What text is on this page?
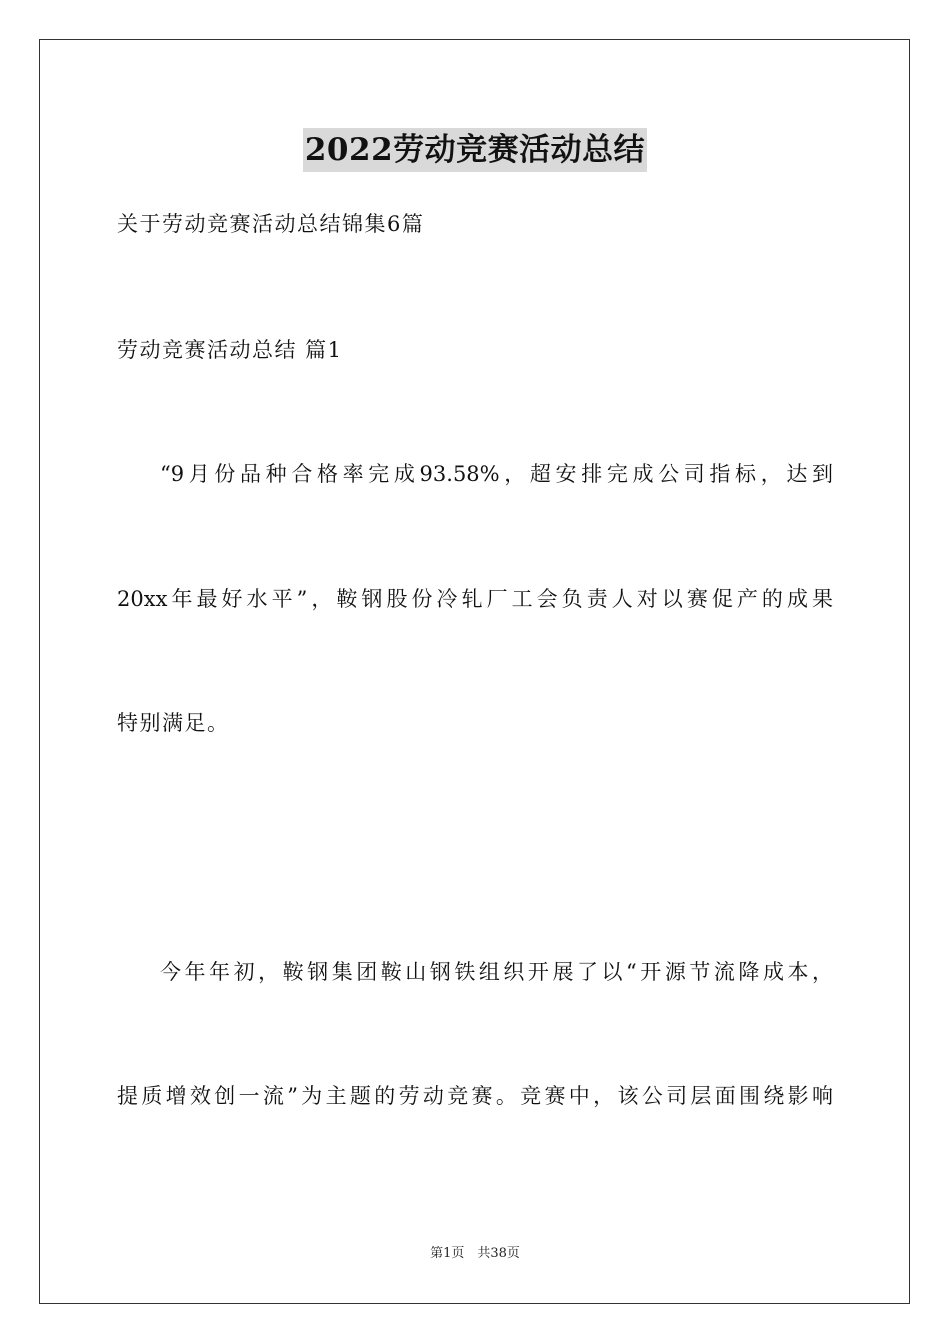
2022劳动竞赛活动总结
关于劳动竞赛活动总结锦集6篇
劳动竞赛活动总结 篇1
“9月份品种合格率完成93.58%，超安排完成公司指标，达到
20xx年最好水平”，鞍钢股份冷轧厂工会负责人对以赛促产的成果
特别满足。
今年年初，鞍钢集团鞍山钢铁组织开展了以“开源节流降成本，
提质增效创一流”为主题的劳动竞赛。竞赛中，该公司层面围绕影响
第1页　共38页
